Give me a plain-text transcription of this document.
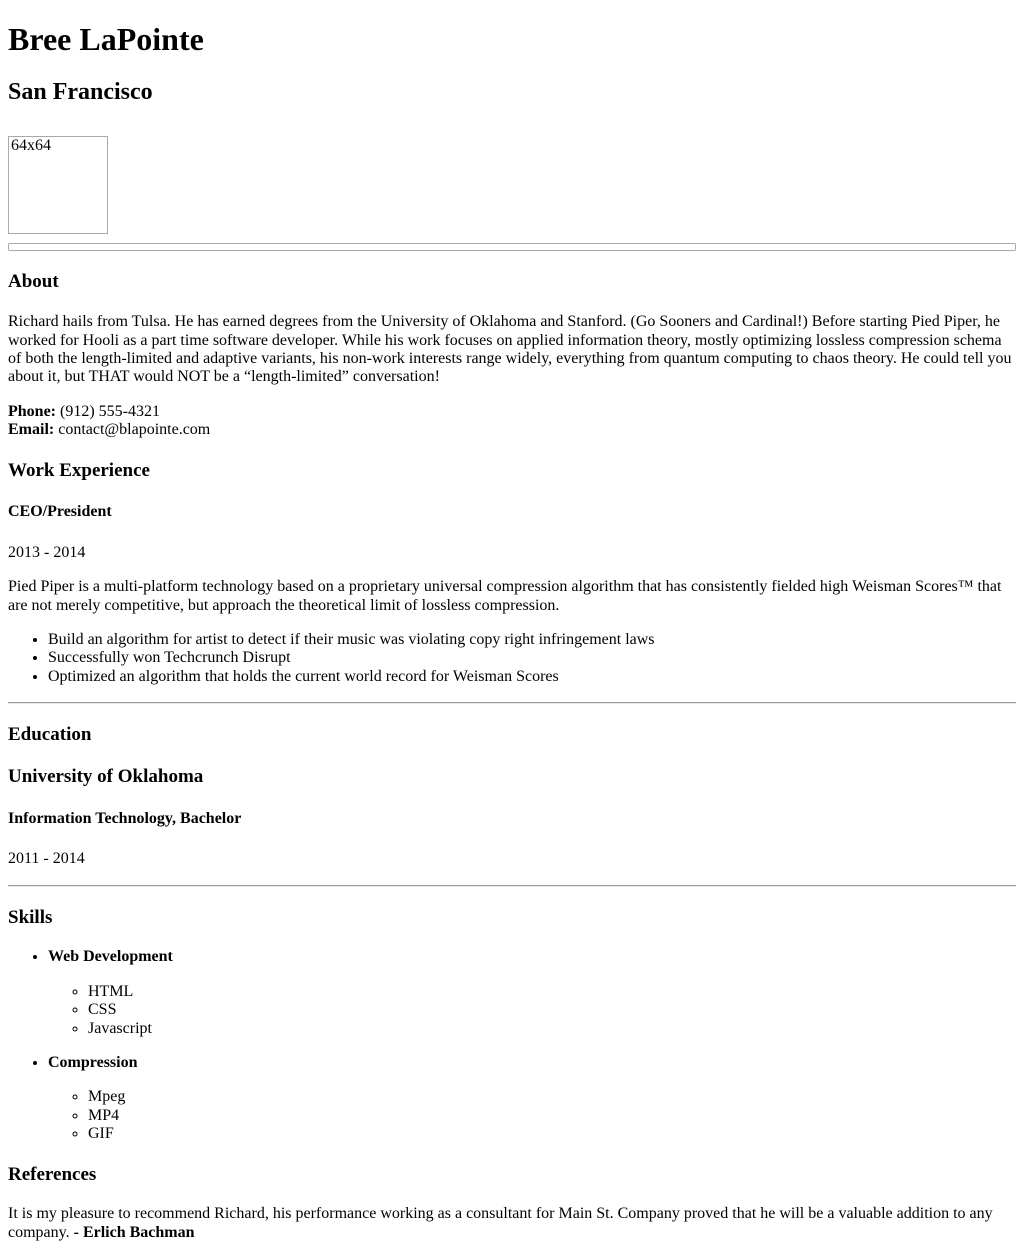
Bree LaPointe
San Francisco
64x64
About

Richard hails from Tulsa. He has earned degrees from the University of Oklahoma and Stanford. (Go Sooners and Cardinal!) Before starting Pied Piper, he worked for Hooli as a part time software developer. While his work focuses on applied information theory, mostly optimizing lossless compression schema of both the length-limited and adaptive variants, his non-work interests range widely, everything from quantum computing to chaos theory. He could tell you about it, but THAT would NOT be a “length-limited” conversation!

Phone: (912) 555-4321
Email: contact@blapointe.com

Work Experience
CEO/President

2013 - 2014

Pied Piper is a multi-platform technology based on a proprietary universal compression algorithm that has consistently fielded high Weisman Scores™ that are not merely competitive, but approach the theoretical limit of lossless compression.

• Build an algorithm for artist to detect if their music was violating copy right infringement laws
• Successfully won Techcrunch Disrupt
• Optimized an algorithm that holds the current world record for Weisman Scores
Education
University of Oklahoma
Information Technology, Bachelor

2011 - 2014

Skills

• Web Development

◦ HTML
◦ CSS
◦ Javascript

• Compression

◦ Mpeg
◦ MP4
◦ GIF
References

It is my pleasure to recommend Richard, his performance working as a consultant for Main St. Company proved that he will be a valuable addition to any company. - Erlich Bachman
